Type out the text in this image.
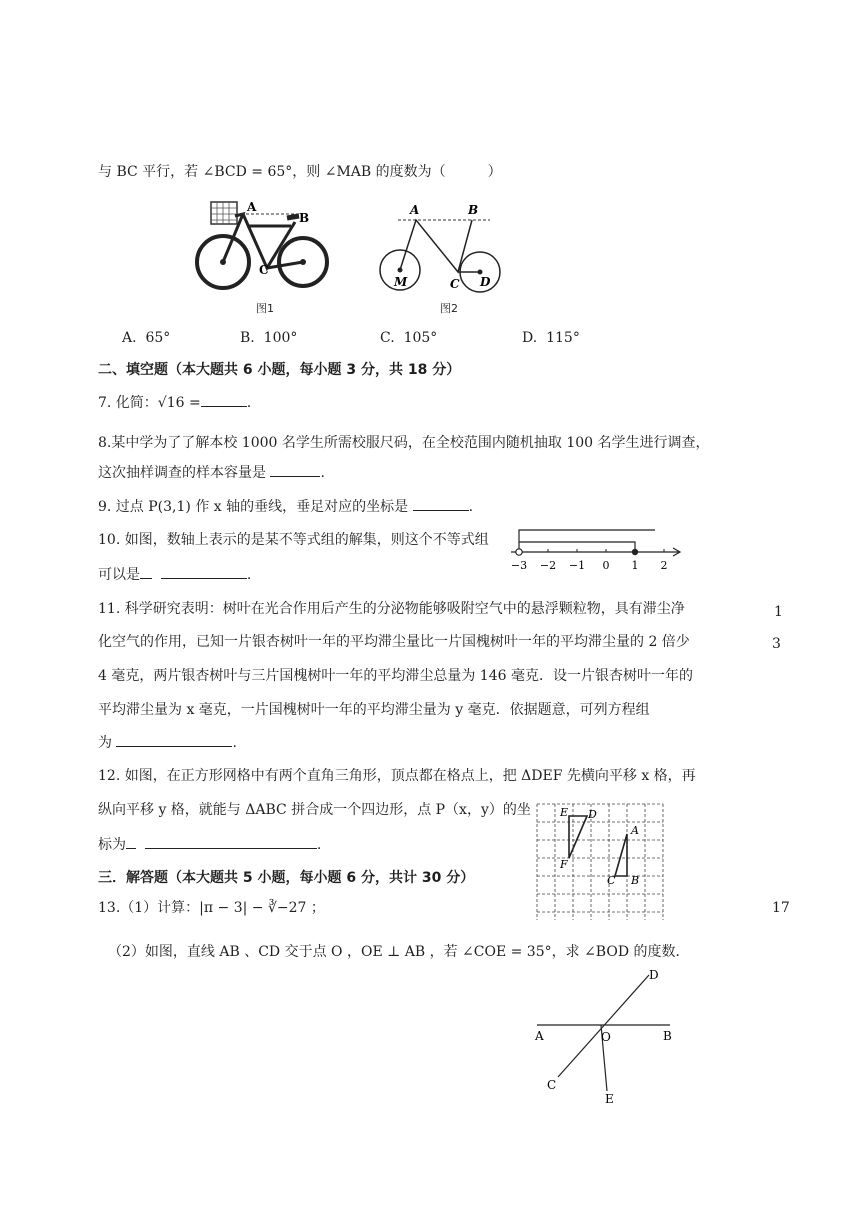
与 BC 平行，若 ∠BCD = 65°，则 ∠MAB 的度数为（　　　）
A
B
C
图1
A	B
M	C D
图2
A. 65°	B. 100°	C. 105°	D. 115°
二、填空题（本大题共 6 小题，每小题 3 分，共 18 分）
7. 化简：√16 =	.
8.某中学为了了解本校 1000 名学生所需校服尺码，在全校范围内随机抽取 100 名学生进行调查，
这次抽样调查的样本容量是	.
9. 过点 P(3,1) 作 x 轴的垂线，垂足对应的坐标是	.
10. 如图，数轴上表示的是某不等式组的解集，则这个不等式组
可以是	.
−3 −2 −1 0 1 2
11. 科学研究表明：树叶在光合作用后产生的分泌物能够吸附空气中的悬浮颗粒物，具有滞尘净
化空气的作用，已知一片银杏树叶一年的平均滞尘量比一片国槐树叶一年的平均滞尘量的 2 倍少
4 毫克，两片银杏树叶与三片国槐树叶一年的平均滞尘总量为 146 毫克．设一片银杏树叶一年的
平均滞尘量为 x 毫克，一片国槐树叶一年的平均滞尘量为 y 毫克．依据题意，可列方程组
为	.
12. 如图，在正方形网格中有两个直角三角形，顶点都在格点上，把 ΔDEF 先横向平移 x 格，再
纵向平移 y 格，就能与 ΔABC 拼合成一个四边形，点 P（x，y）的坐
标为	.
E D
F
A
C B
三．解答题（本大题共 5 小题，每小题 6 分，共计 30 分）
13.（1）计算：|π − 3| − ∛−27 ；
（2）如图，直线 AB 、CD 交于点 O ，OE ⊥ AB ，若 ∠COE = 35°，求 ∠BOD 的度数．
A	B
C
D
O
E
1
3
17
